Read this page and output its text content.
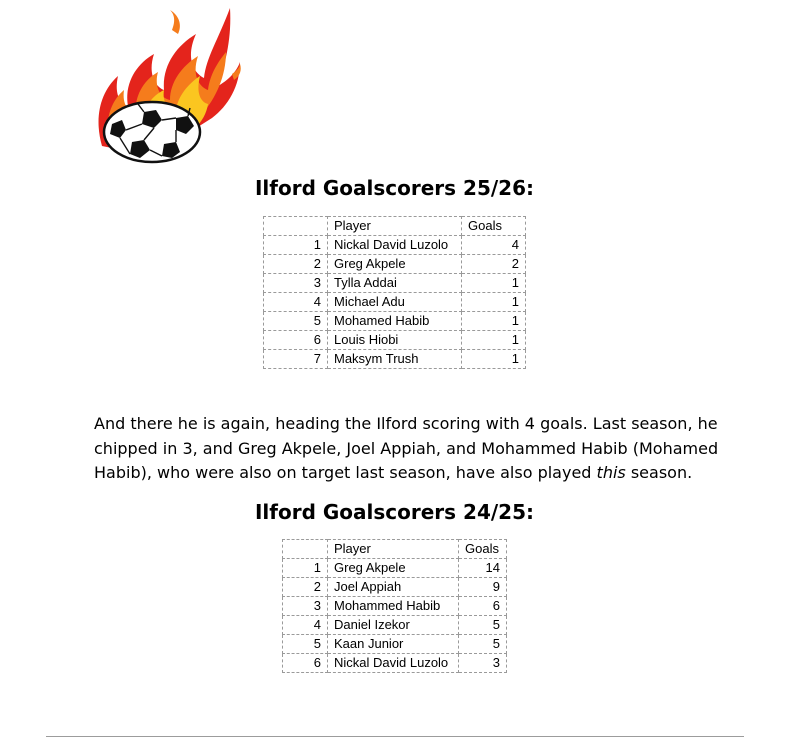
Ilford Goalscorers 25/26:
	Player	Goals
1	Nickal David Luzolo	4
2	Greg Akpele	2
3	Tylla Addai	1
4	Michael Adu	1
5	Mohamed Habib	1
6	Louis Hiobi	1
7	Maksym Trush	1

And there he is again, heading the Ilford scoring with 4 goals. Last season, he chipped in 3, and Greg Akpele, Joel Appiah, and Mohammed Habib (Mohamed Habib), who were also on target last season, have also played this season.

Ilford Goalscorers 24/25:
	Player	Goals
1	Greg Akpele	14
2	Joel Appiah	9
3	Mohammed Habib	6
4	Daniel Izekor	5
5	Kaan Junior	5
6	Nickal David Luzolo	3
